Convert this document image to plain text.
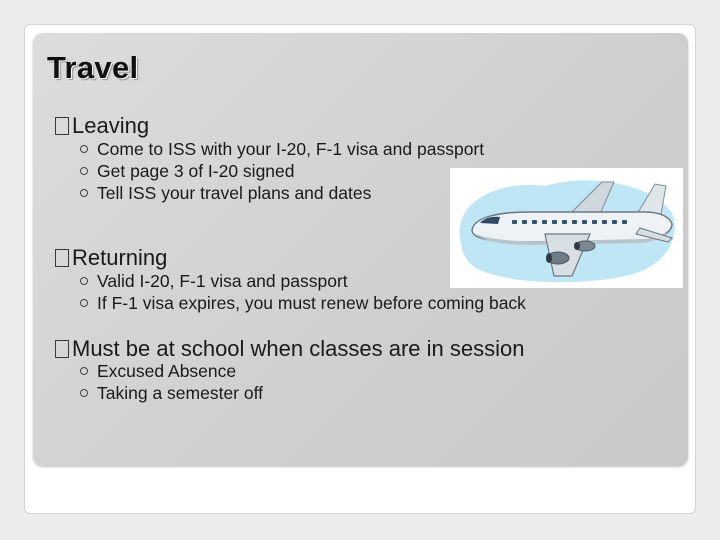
Travel
Leaving
Come to ISS with your I-20, F-1 visa and passport
Get page 3 of I-20 signed
Tell ISS your travel plans and dates
Returning
Valid I-20, F-1 visa and passport
If F-1 visa expires, you must renew before coming back
Must be at school when classes are in session
Excused Absence
Taking a semester off
